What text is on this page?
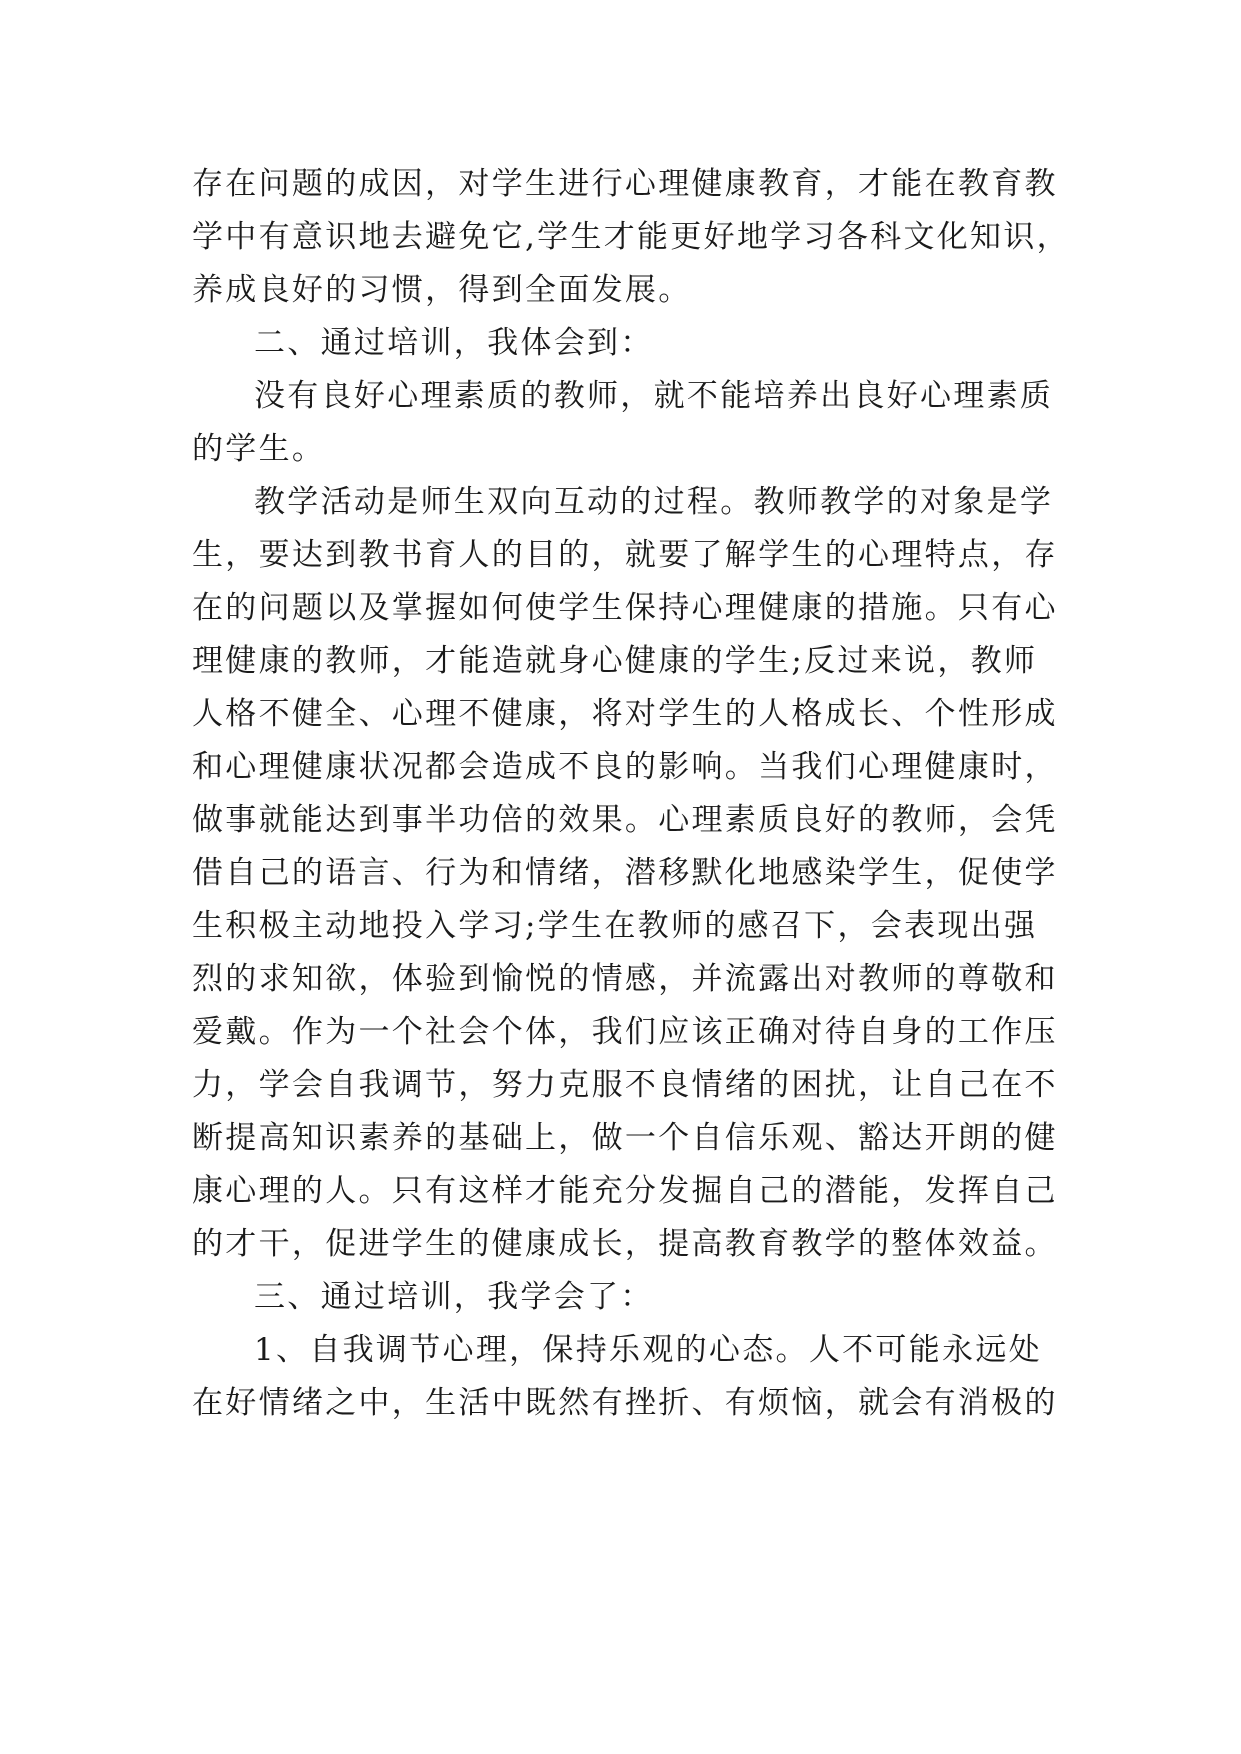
存在问题的成因，对学生进行心理健康教育，才能在教育教
学中有意识地去避免它,学生才能更好地学习各科文化知识，
养成良好的习惯，得到全面发展。
二、通过培训，我体会到：
没有良好心理素质的教师，就不能培养出良好心理素质
的学生。
教学活动是师生双向互动的过程。教师教学的对象是学
生，要达到教书育人的目的，就要了解学生的心理特点，存
在的问题以及掌握如何使学生保持心理健康的措施。只有心
理健康的教师，才能造就身心健康的学生;反过来说，教师
人格不健全、心理不健康，将对学生的人格成长、个性形成
和心理健康状况都会造成不良的影响。当我们心理健康时，
做事就能达到事半功倍的效果。心理素质良好的教师，会凭
借自己的语言、行为和情绪，潜移默化地感染学生，促使学
生积极主动地投入学习;学生在教师的感召下，会表现出强
烈的求知欲，体验到愉悦的情感，并流露出对教师的尊敬和
爱戴。作为一个社会个体，我们应该正确对待自身的工作压
力，学会自我调节，努力克服不良情绪的困扰，让自己在不
断提高知识素养的基础上，做一个自信乐观、豁达开朗的健
康心理的人。只有这样才能充分发掘自己的潜能，发挥自己
的才干，促进学生的健康成长，提高教育教学的整体效益。
三、通过培训，我学会了：
1、自我调节心理，保持乐观的心态。人不可能永远处
在好情绪之中，生活中既然有挫折、有烦恼，就会有消极的
